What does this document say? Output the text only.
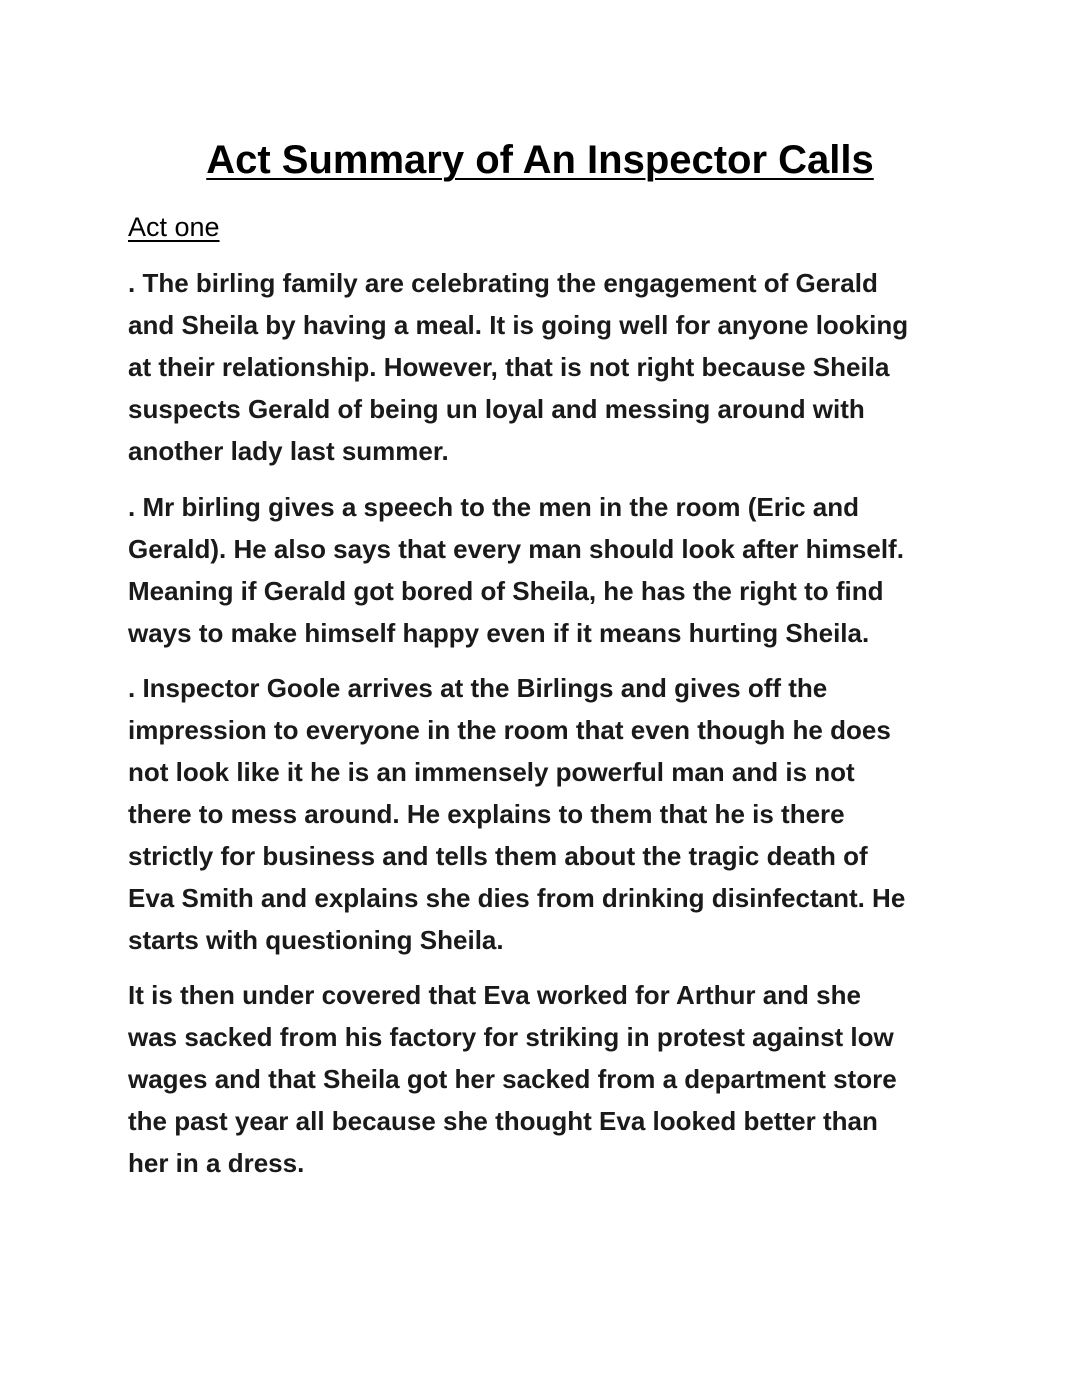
Act Summary of An Inspector Calls
Act one

. The birling family are celebrating the engagement of Gerald
and Sheila by having a meal. It is going well for anyone looking
at their relationship. However, that is not right because Sheila
suspects Gerald of being un loyal and messing around with
another lady last summer.

. Mr birling gives a speech to the men in the room (Eric and
Gerald). He also says that every man should look after himself.
Meaning if Gerald got bored of Sheila, he has the right to find
ways to make himself happy even if it means hurting Sheila.

. Inspector Goole arrives at the Birlings and gives off the
impression to everyone in the room that even though he does
not look like it he is an immensely powerful man and is not
there to mess around. He explains to them that he is there
strictly for business and tells them about the tragic death of
Eva Smith and explains she dies from drinking disinfectant. He
starts with questioning Sheila.

It is then under covered that Eva worked for Arthur and she
was sacked from his factory for striking in protest against low
wages and that Sheila got her sacked from a department store
the past year all because she thought Eva looked better than
her in a dress.
